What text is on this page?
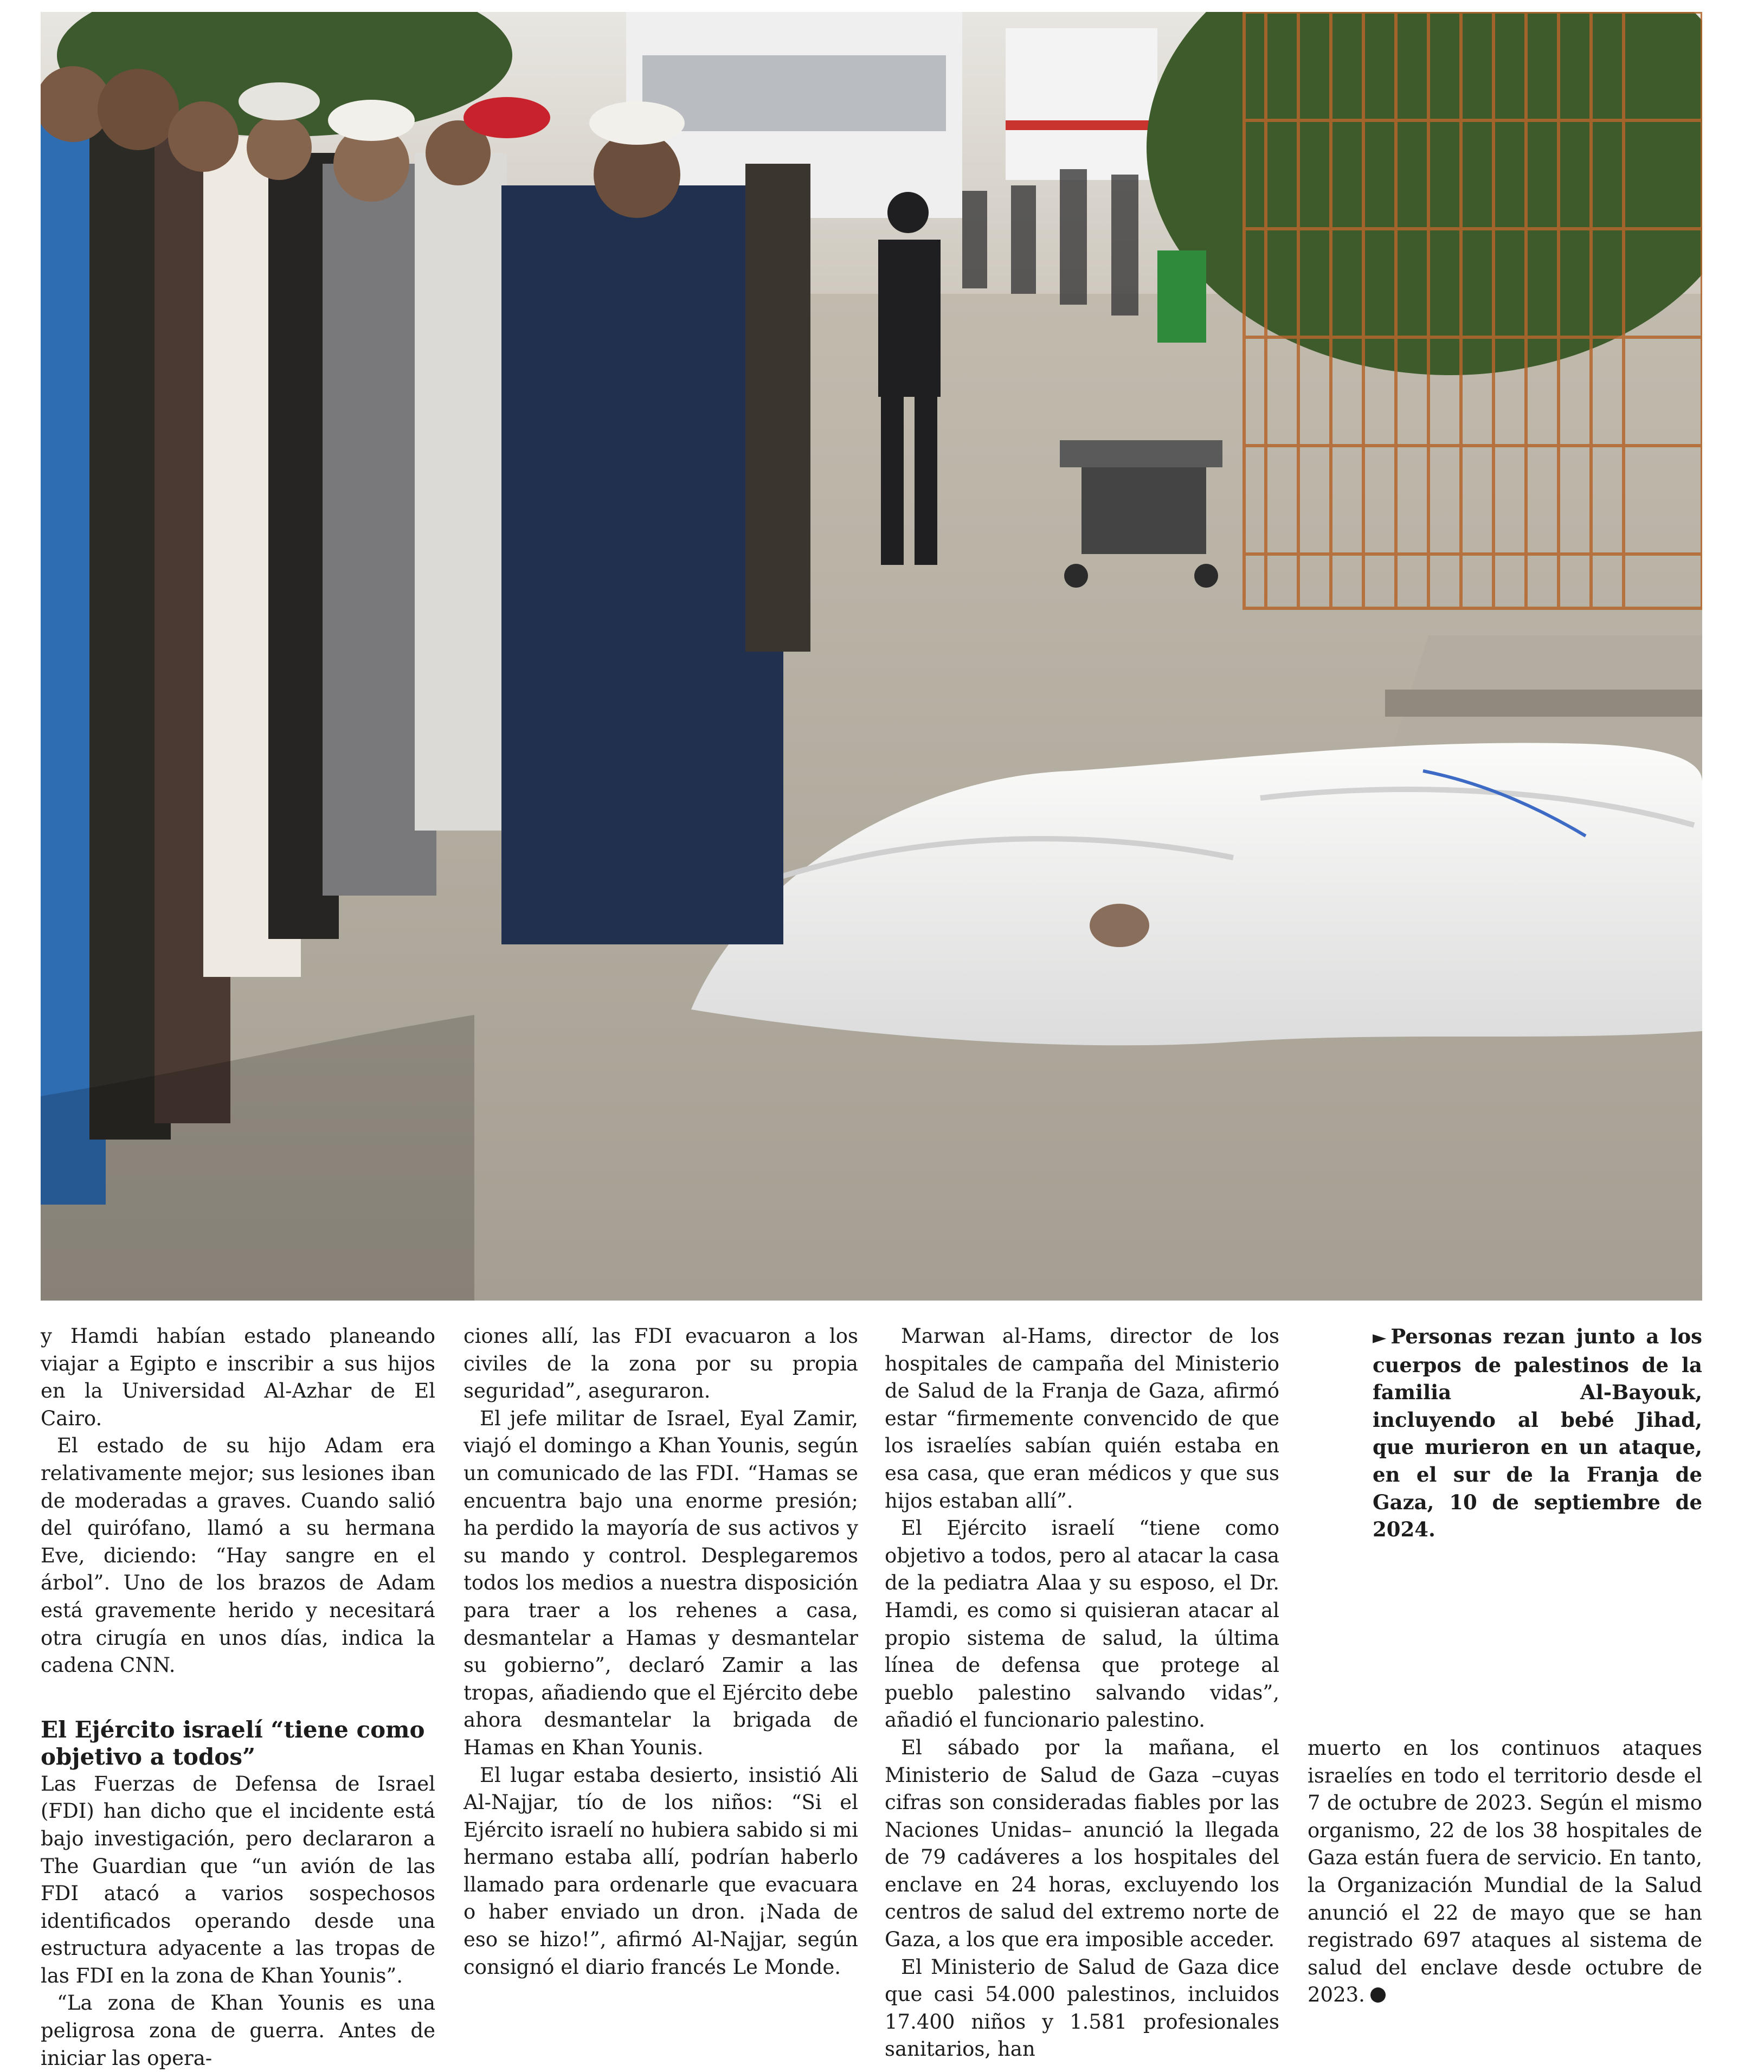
y Hamdi habían estado planeando viajar a Egipto e inscribir a sus hijos en la Universidad Al-Azhar de El Cairo.

El estado de su hijo Adam era relativamente mejor; sus lesiones iban de moderadas a graves. Cuando salió del quirófano, llamó a su hermana Eve, diciendo: “Hay sangre en el árbol”. Uno de los brazos de Adam está gravemente herido y necesitará otra cirugía en unos días, indica la cadena CNN.

El Ejército israelí “tiene como objetivo a todos”

Las Fuerzas de Defensa de Israel (FDI) han dicho que el incidente está bajo investigación, pero declararon a The Guardian que “un avión de las FDI atacó a varios sospechosos identificados operando desde una estructura adyacente a las tropas de las FDI en la zona de Khan Younis”.

“La zona de Khan Younis es una peligrosa zona de guerra. Antes de iniciar las opera-

ciones allí, las FDI evacuaron a los civiles de la zona por su propia seguridad”, aseguraron.

El jefe militar de Israel, Eyal Zamir, viajó el domingo a Khan Younis, según un comunicado de las FDI. “Hamas se encuentra bajo una enorme presión; ha perdido la mayoría de sus activos y su mando y control. Desplegaremos todos los medios a nuestra disposición para traer a los rehenes a casa, desmantelar a Hamas y desmantelar su gobierno”, declaró Zamir a las tropas, añadiendo que el Ejército debe ahora desmantelar la brigada de Hamas en Khan Younis.

El lugar estaba desierto, insistió Ali Al-Najjar, tío de los niños: “Si el Ejército israelí no hubiera sabido si mi hermano estaba allí, podrían haberlo llamado para ordenarle que evacuara o haber enviado un dron. ¡Nada de eso se hizo!”, afirmó Al-Najjar, según consignó el diario francés Le Monde.

Marwan al-Hams, director de los hospitales de campaña del Ministerio de Salud de la Franja de Gaza, afirmó estar “firmemente convencido de que los israelíes sabían quién estaba en esa casa, que eran médicos y que sus hijos estaban allí”.

El Ejército israelí “tiene como objetivo a todos, pero al atacar la casa de la pediatra Alaa y su esposo, el Dr. Hamdi, es como si quisieran atacar al propio sistema de salud, la última línea de defensa que protege al pueblo palestino salvando vidas”, añadió el funcionario palestino.

El sábado por la mañana, el Ministerio de Salud de Gaza –cuyas cifras son consideradas fiables por las Naciones Unidas– anunció la llegada de 79 cadáveres a los hospitales del enclave en 24 horas, excluyendo los centros de salud del extremo norte de Gaza, a los que era imposible acceder.

El Ministerio de Salud de Gaza dice que casi 54.000 palestinos, incluidos 17.400 niños y 1.581 profesionales sanitarios, han

muerto en los continuos ataques israelíes en todo el territorio desde el 7 de octubre de 2023. Según el mismo organismo, 22 de los 38 hospitales de Gaza están fuera de servicio. En tanto, la Organización Mundial de la Salud anunció el 22 de mayo que se han registrado 697 ataques al sistema de salud del enclave desde octubre de 2023.

► Personas rezan junto a los cuerpos de palestinos de la familia Al-Bayouk, incluyendo al bebé Jihad, que murieron en un ataque, en el sur de la Franja de Gaza, 10 de septiembre de 2024.
